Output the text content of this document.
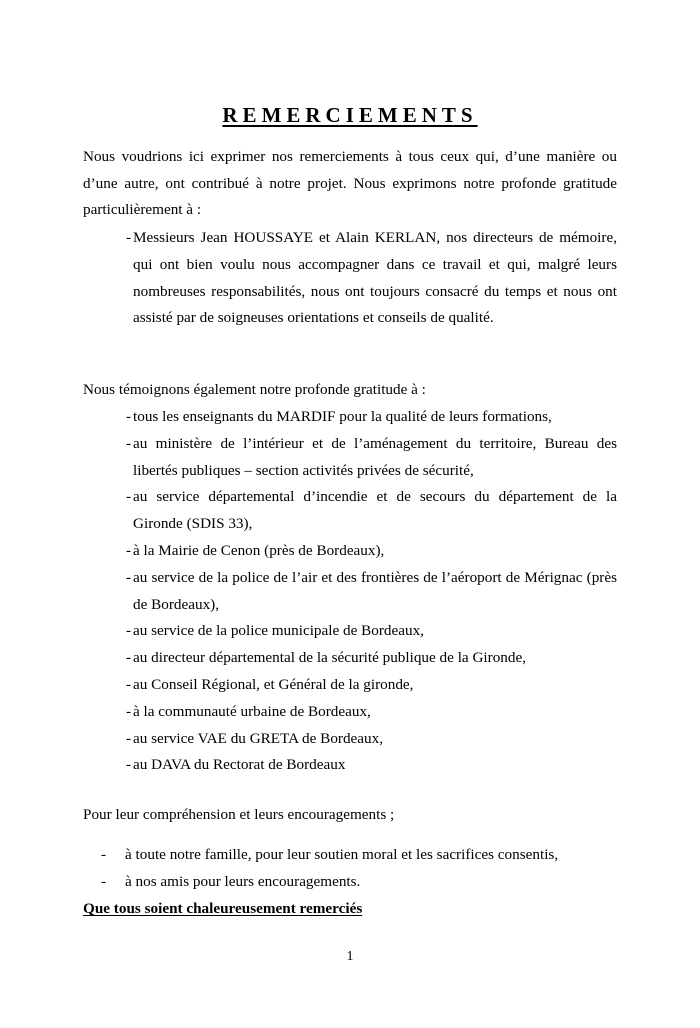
REMERCIEMENTS
Nous voudrions ici exprimer nos remerciements à tous ceux qui, d’une manière ou d’une autre, ont contribué à notre projet. Nous exprimons notre profonde gratitude particulièrement à :
- Messieurs Jean HOUSSAYE et Alain KERLAN, nos directeurs de mémoire, qui ont bien voulu nous accompagner dans ce travail et qui, malgré leurs nombreuses responsabilités, nous ont toujours consacré du temps et nous ont assisté par de soigneuses orientations et conseils de qualité.
Nous témoignons également notre profonde gratitude à :
- tous les enseignants du MARDIF pour la qualité de leurs formations,
- au ministère de l’intérieur et de l’aménagement du territoire, Bureau des libertés publiques – section activités privées de sécurité,
- au service départemental d’incendie et de secours du département de la Gironde (SDIS 33),
- à la Mairie de Cenon (près de Bordeaux),
- au service de la police de l’air et des frontières de l’aéroport de Mérignac (près de Bordeaux),
- au service de la police municipale de Bordeaux,
- au directeur départemental de la sécurité publique de la Gironde,
- au Conseil Régional, et Général de la gironde,
- à la communauté urbaine de Bordeaux,
- au service VAE du GRETA de Bordeaux,
- au DAVA du Rectorat de Bordeaux
Pour leur compréhension et leurs encouragements ;
- à toute notre famille, pour leur soutien moral et les sacrifices consentis,
- à nos amis pour leurs encouragements.
Que tous soient chaleureusement remerciés
1
